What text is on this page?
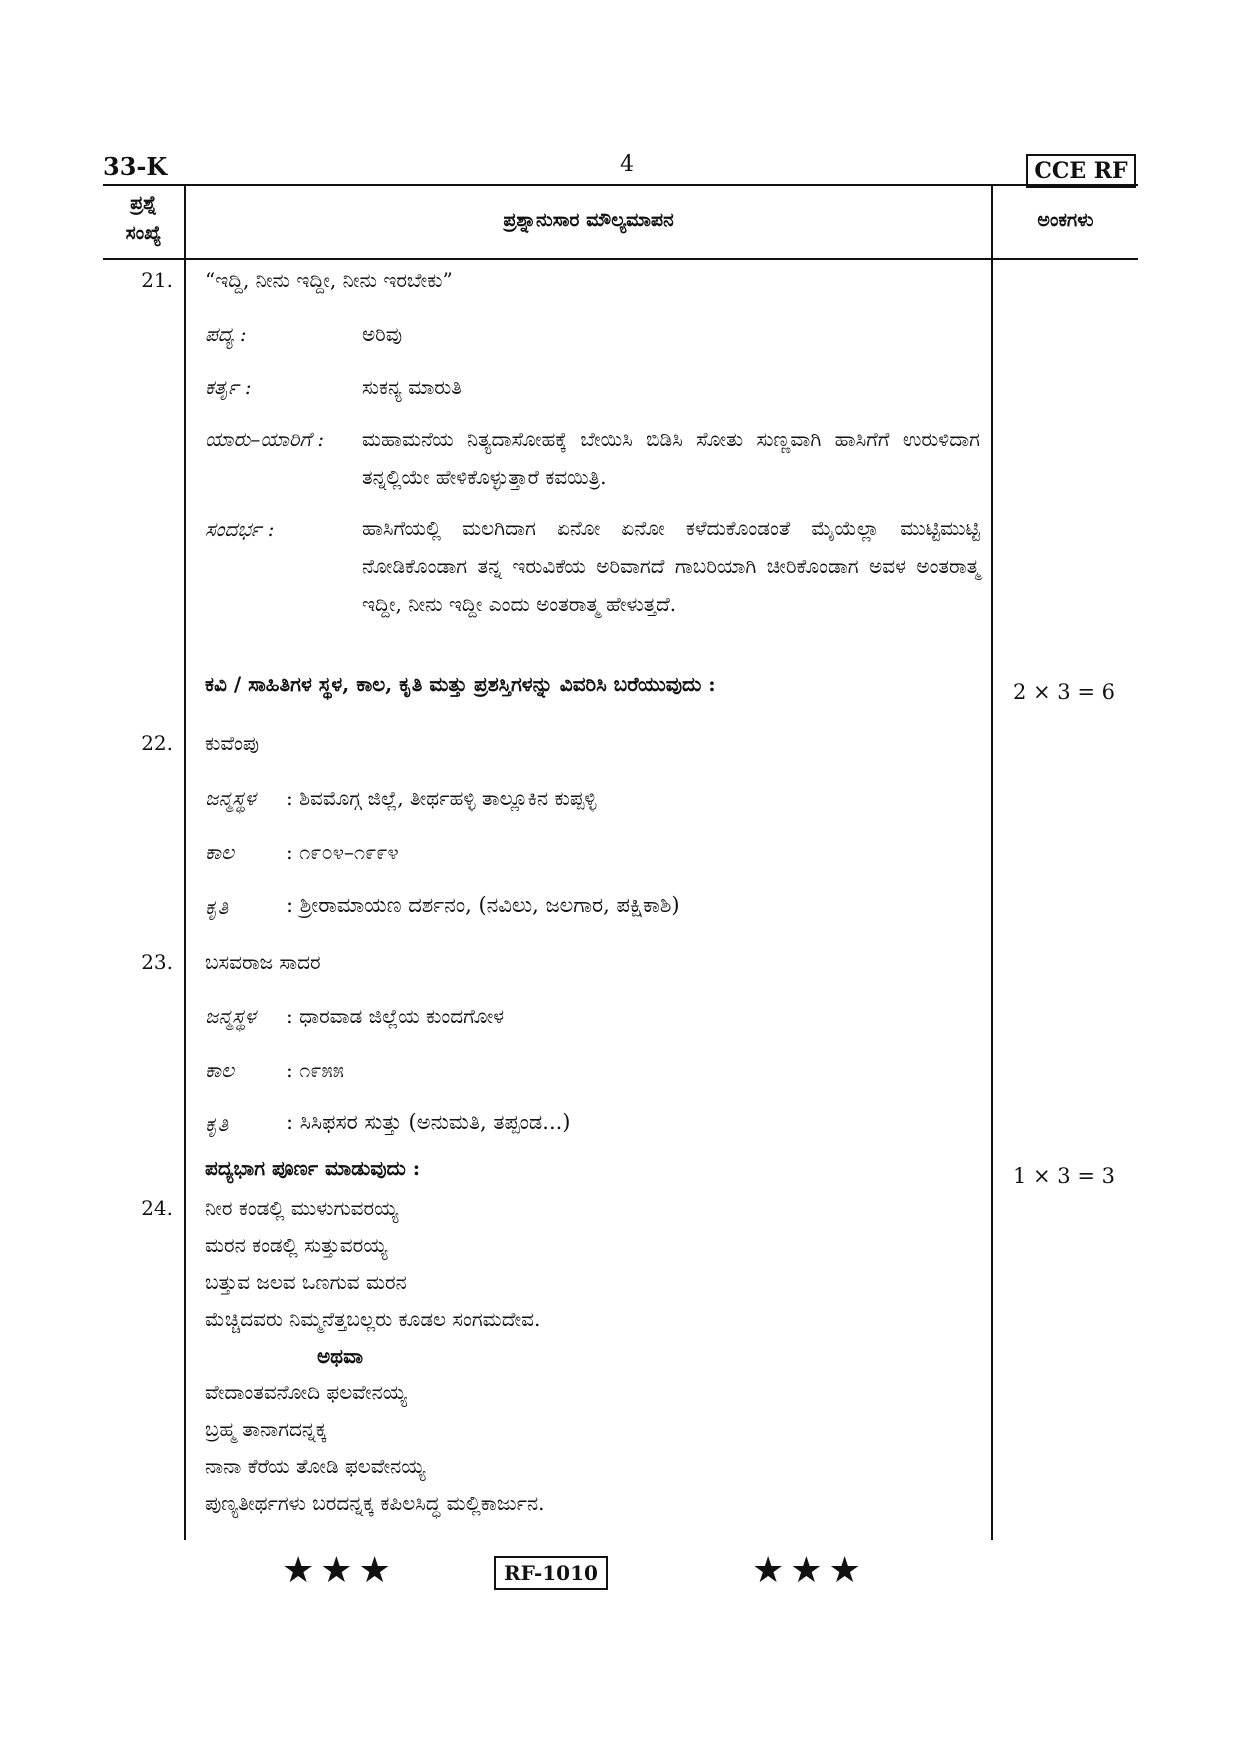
33-K	4	CCE RF
ಪ್ರಶ್ನೆ
ಸಂಖ್ಯೆ
ಪ್ರಶ್ನಾನುಸಾರ ಮೌಲ್ಯಮಾಪನ	ಅಂಕಗಳು
21. “ಇದ್ದಿ, ನೀನು ಇದ್ದೀ, ನೀನು ಇರಬೇಕು”
ಪದ್ಯ :	ಅರಿವು
ಕರ್ತೃ :	ಸುಕನ್ಯ ಮಾರುತಿ
ಯಾರು–ಯಾರಿಗೆ : ಮಹಾಮನೆಯ ನಿತ್ಯದಾಸೋಹಕ್ಕೆ ಬೇಯಿಸಿ ಬಿಡಿಸಿ ಸೋತು ಸುಣ್ಣವಾಗಿ ಹಾಸಿಗೆಗೆ ಉರುಳಿದಾಗ ತನ್ನಲ್ಲಿಯೇ ಹೇಳಿಕೊಳ್ಳುತ್ತಾರೆ ಕವಯಿತ್ರಿ.
ಸಂದರ್ಭ :	ಹಾಸಿಗೆಯಲ್ಲಿ ಮಲಗಿದಾಗ ಏನೋ ಏನೋ ಕಳೆದುಕೊಂಡಂತೆ ಮೈಯೆಲ್ಲಾ ಮುಟ್ಟಿಮುಟ್ಟಿ ನೋಡಿಕೊಂಡಾಗ ತನ್ನ ಇರುವಿಕೆಯ ಅರಿವಾಗದೆ ಗಾಬರಿಯಾಗಿ ಚೀರಿಕೊಂಡಾಗ ಅವಳ ಅಂತರಾತ್ಮ ಇದ್ದೀ, ನೀನು ಇದ್ದೀ ಎಂದು ಅಂತರಾತ್ಮ ಹೇಳುತ್ತದೆ.
ಕವಿ / ಸಾಹಿತಿಗಳ ಸ್ಥಳ, ಕಾಲ, ಕೃತಿ ಮತ್ತು ಪ್ರಶಸ್ತಿಗಳನ್ನು ವಿವರಿಸಿ ಬರೆಯುವುದು :	2 × 3 = 6
22. ಕುವೆಂಪು
ಜನ್ಮಸ್ಥಳ : ಶಿವಮೊಗ್ಗ ಜಿಲ್ಲೆ, ತೀರ್ಥಹಳ್ಳಿ ತಾಲ್ಲೂಕಿನ ಕುಪ್ಪಳ್ಳಿ
ಕಾಲ	: ೧೯೦೪–೧೯೯೪
ಕೃತಿ	: ಶ್ರೀರಾಮಾಯಣ ದರ್ಶನಂ, (ನವಿಲು, ಜಲಗಾರ, ಪಕ್ಷಿಕಾಶಿ)
23. ಬಸವರಾಜ ಸಾದರ
ಜನ್ಮಸ್ಥಳ : ಧಾರವಾಡ ಜಿಲ್ಲೆಯ ಕುಂದಗೋಳ
ಕಾಲ	: ೧೯೫೫
ಕೃತಿ	: ಸಿಸಿಫಸರ ಸುತ್ತು (ಅನುಮತಿ, ತಪ್ಪಂಡ...)
ಪದ್ಯಭಾಗ ಪೂರ್ಣ ಮಾಡುವುದು :	1 × 3 = 3
24. ನೀರ ಕಂಡಲ್ಲಿ ಮುಳುಗುವರಯ್ಯ
ಮರನ ಕಂಡಲ್ಲಿ ಸುತ್ತುವರಯ್ಯ
ಬತ್ತುವ ಜಲವ ಒಣಗುವ ಮರನ
ಮೆಚ್ಚಿದವರು ನಿಮ್ಮನೆತ್ತಬಲ್ಲರು ಕೂಡಲ ಸಂಗಮದೇವ.
ಅಥವಾ
ವೇದಾಂತವನೋದಿ ಫಲವೇನಯ್ಯ
ಬ್ರಹ್ಮ ತಾನಾಗದನ್ನಕ್ಕ
ನಾನಾ ಕೆರೆಯ ತೋಡಿ ಫಲವೇನಯ್ಯ
ಪುಣ್ಯತೀರ್ಥಗಳು ಬರದನ್ನಕ್ಕ ಕಪಿಲಸಿದ್ಧ ಮಲ್ಲಿಕಾರ್ಜುನ.
★★★	RF-1010	★★★
